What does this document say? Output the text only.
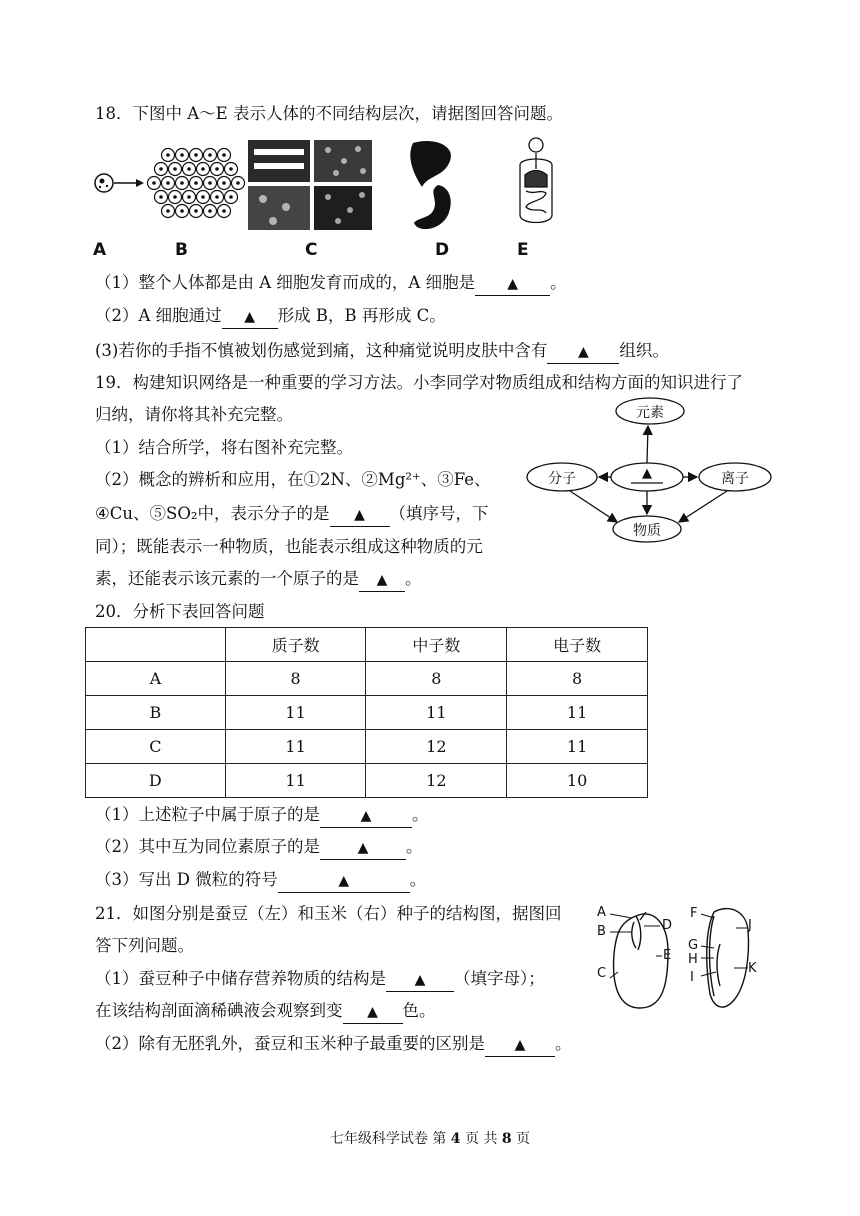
18．下图中 A～E 表示人体的不同结构层次，请据图回答问题。
A	B	C	D	E
（1）整个人体都是由 A 细胞发育而成的，A 细胞是 ▲ 。
（2）A 细胞通过 ▲ 形成 B，B 再形成 C。
(3)若你的手指不慎被划伤感觉到痛，这种痛觉说明皮肤中含有 ▲ 组织。
19．构建知识网络是一种重要的学习方法。小李同学对物质组成和结构方面的知识进行了
归纳，请你将其补充完整。
（1）结合所学，将右图补充完整。
（2）概念的辨析和应用，在①2N、②Mg²⁺、③Fe、
④Cu、⑤SO₂中，表示分子的是 ▲ （填序号，下
同）；既能表示一种物质，也能表示组成这种物质的元
素，还能表示该元素的一个原子的是 ▲ 。
元素
分子	离子
▲
物质
20．分析下表回答问题
	质子数	中子数	电子数
A	8	8	8
B	11	11	11
C	11	12	11
D	11	12	10
（1）上述粒子中属于原子的是	▲ 。
（2）其中互为同位素原子的是	▲ 。
（3）写出 D 微粒的符号	▲	。
21．如图分别是蚕豆（左）和玉米（右）种子的结构图，据图回
答下列问题。
（1）蚕豆种子中储存营养物质的结构是 ▲ （填字母）；
在该结构剖面滴稀碘液会观察到变 ▲ 色。
（2）除有无胚乳外，蚕豆和玉米种子最重要的区别是 ▲ 。
A
B
C
D
E
F
G
H
I
J
K
七年级科学试卷 第 4 页 共 8 页
